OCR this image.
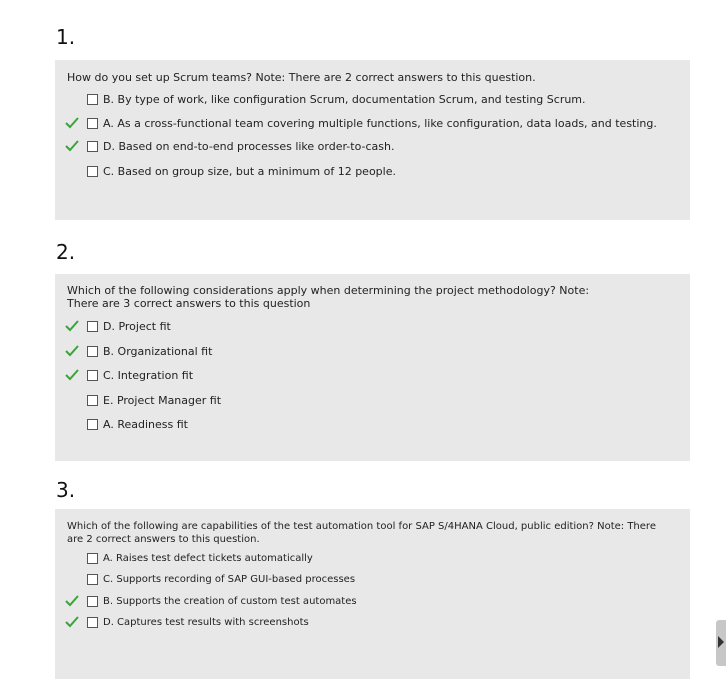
1.
How do you set up Scrum teams? Note: There are 2 correct answers to this question.
B. By type of work, like configuration Scrum, documentation Scrum, and testing Scrum.
A. As a cross-functional team covering multiple functions, like configuration, data loads, and testing.
D. Based on end-to-end processes like order-to-cash.
C. Based on group size, but a minimum of 12 people.
2.
Which of the following considerations apply when determining the project methodology? Note:
There are 3 correct answers to this question
D. Project fit
B. Organizational fit
C. Integration fit
E. Project Manager fit
A. Readiness fit
3.
Which of the following are capabilities of the test automation tool for SAP S/4HANA Cloud, public edition? Note: There
are 2 correct answers to this question.
A. Raises test defect tickets automatically
C. Supports recording of SAP GUI-based processes
B. Supports the creation of custom test automates
D. Captures test results with screenshots
